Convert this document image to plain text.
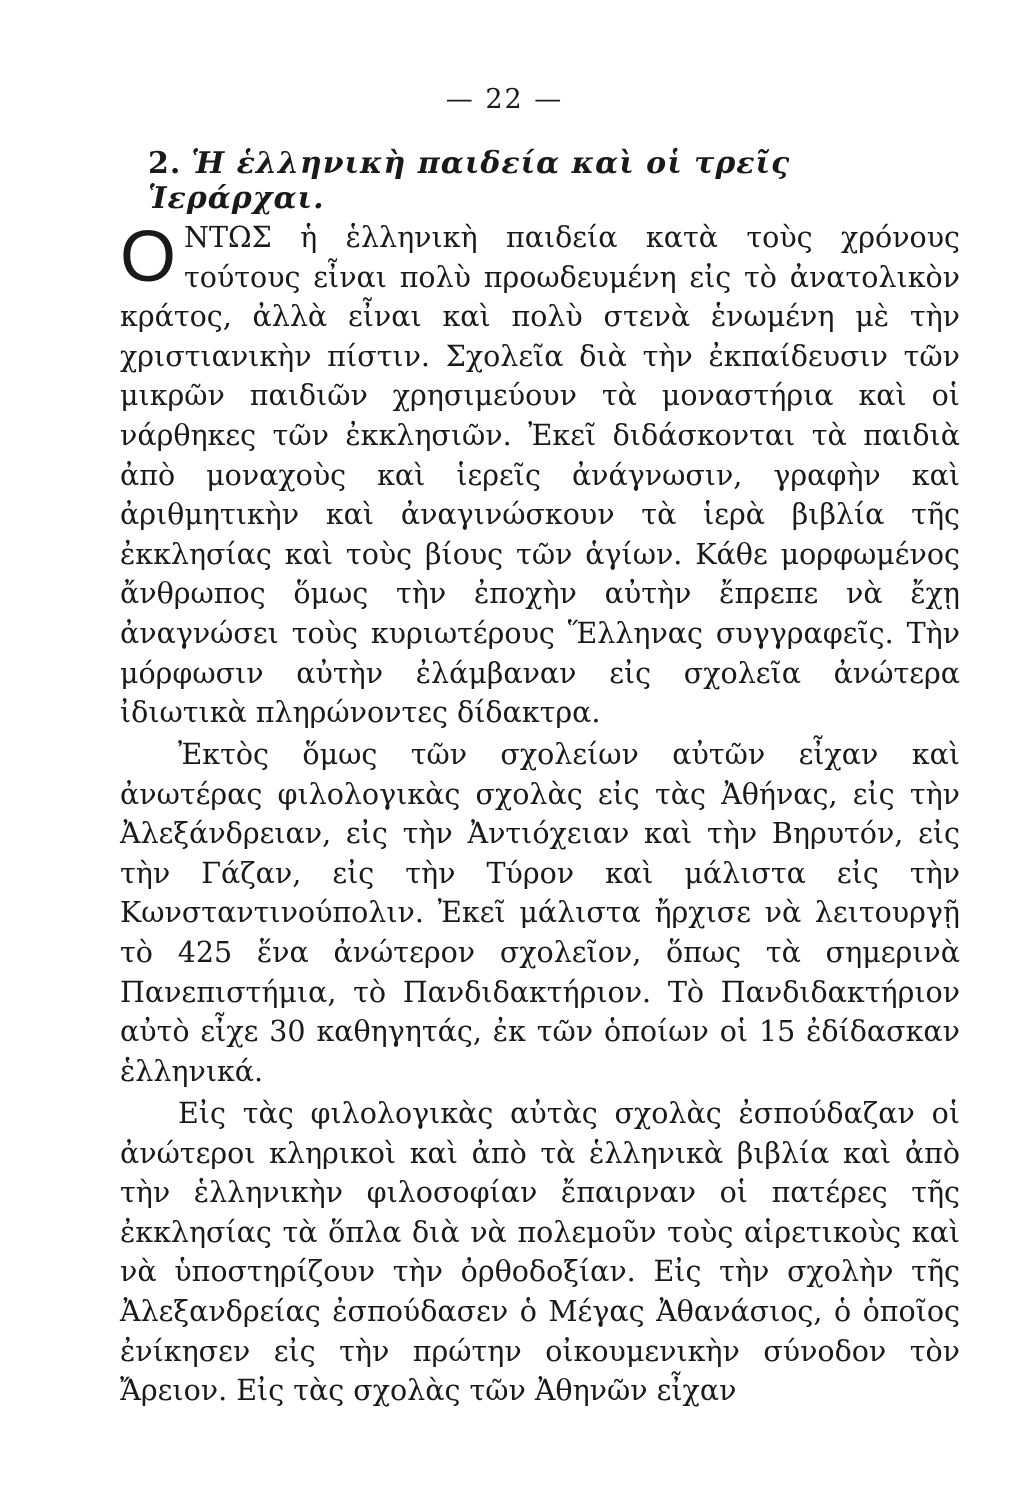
— 22 —
2. Ἡ ἑλληνικὴ παιδεία καὶ οἱ τρεῖς Ἱεράρχαι.

ΟΝΤΩΣ ἡ ἑλληνικὴ παιδεία κατὰ τοὺς χρόνους τούτους εἶναι πολὺ προωδευμένη εἰς τὸ ἀνατολικὸν κράτος, ἀλλὰ εἶναι καὶ πολὺ στενὰ ἑνωμένη μὲ τὴν χριστιανικὴν πίστιν. Σχολεῖα διὰ τὴν ἐκπαίδευσιν τῶν μικρῶν παιδιῶν χρησιμεύουν τὰ μοναστήρια καὶ οἱ νάρθηκες τῶν ἐκκλησιῶν. Ἐκεῖ διδάσκονται τὰ παιδιὰ ἀπὸ μοναχοὺς καὶ ἱερεῖς ἀνάγνωσιν, γραφὴν καὶ ἀριθμητικὴν καὶ ἀναγινώσκουν τὰ ἱερὰ βιβλία τῆς ἐκκλησίας καὶ τοὺς βίους τῶν ἁγίων. Κάθε μορφωμένος ἄνθρωπος ὅμως τὴν ἐποχὴν αὐτὴν ἔπρεπε νὰ ἔχῃ ἀναγνώσει τοὺς κυριωτέρους Ἕλληνας συγγραφεῖς. Τὴν μόρφωσιν αὐτὴν ἐλάμβαναν εἰς σχολεῖα ἀνώτερα ἰδιωτικὰ πληρώνοντες δίδακτρα.

Ἐκτὸς ὅμως τῶν σχολείων αὐτῶν εἶχαν καὶ ἀνωτέρας φιλολογικὰς σχολὰς εἰς τὰς Ἀθήνας, εἰς τὴν Ἀλεξάνδρειαν, εἰς τὴν Ἀντιόχειαν καὶ τὴν Βηρυτόν, εἰς τὴν Γάζαν, εἰς τὴν Τύρον καὶ μάλιστα εἰς τὴν Κωνσταντινούπολιν. Ἐκεῖ μάλιστα ἤρχισε νὰ λειτουργῇ τὸ 425 ἕνα ἀνώτερον σχολεῖον, ὅπως τὰ σημερινὰ Πανεπιστήμια, τὸ Πανδιδακτήριον. Τὸ Πανδιδακτήριον αὐτὸ εἶχε 30 καθηγητάς, ἐκ τῶν ὁποίων οἱ 15 ἐδίδασκαν ἑλληνικά.

Εἰς τὰς φιλολογικὰς αὐτὰς σχολὰς ἐσπούδαζαν οἱ ἀνώτεροι κληρικοὶ καὶ ἀπὸ τὰ ἑλληνικὰ βιβλία καὶ ἀπὸ τὴν ἑλληνικὴν φιλοσοφίαν ἔπαιρναν οἱ πατέρες τῆς ἐκκλησίας τὰ ὅπλα διὰ νὰ πολεμοῦν τοὺς αἱρετικοὺς καὶ νὰ ὑποστηρίζουν τὴν ὀρθοδοξίαν. Εἰς τὴν σχολὴν τῆς Ἀλεξανδρείας ἐσπούδασεν ὁ Μέγας Ἀθανάσιος, ὁ ὁποῖος ἐνίκησεν εἰς τὴν πρώτην οἰκουμενικὴν σύνοδον τὸν Ἄρειον. Εἰς τὰς σχολὰς τῶν Ἀθηνῶν εἶχαν
